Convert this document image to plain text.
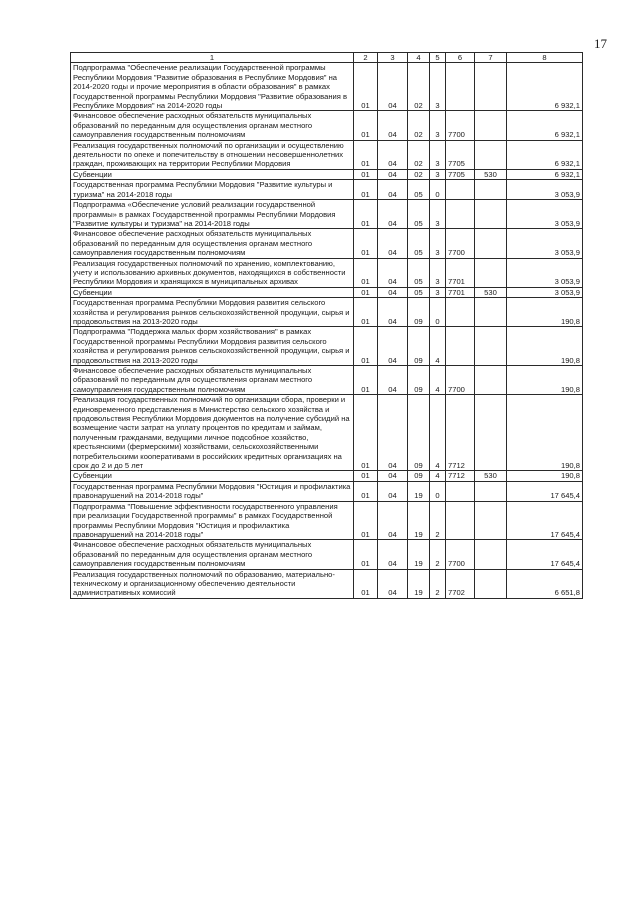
17
1	2	3	4	5	6	7	8
Подпрограмма "Обеспечение реализации Государственной программы Республики Мордовия "Развитие образования в Республике Мордовия" на 2014-2020 годы и прочие мероприятия в области образования" в рамках Государственной программы Республики Мордовия "Развитие образования в Республике Мордовия" на 2014-2020 годы	01	04	02	3			6 932,1
Финансовое обеспечение расходных обязательств муниципальных образований по переданным для осуществления органам местного самоуправления государственным полномочиям	01	04	02	3	7700		6 932,1
Реализация государственных полномочий по организации и осуществлению деятельности по опеке и попечительству в отношении несовершеннолетних граждан, проживающих на территории Республики Мордовия	01	04	02	3	7705		6 932,1
Субвенции	01	04	02	3	7705	530	6 932,1
Государственная программа Республики Мордовия "Развитие культуры и туризма" на 2014-2018 годы	01	04	05	0			3 053,9
Подпрограмма «Обеспечение условий реализации государственной программы» в рамках Государственной программы Республики Мордовия "Развитие культуры и туризма" на 2014-2018 годы	01	04	05	3			3 053,9
Финансовое обеспечение расходных обязательств муниципальных образований по переданным для осуществления органам местного самоуправления государственным полномочиям	01	04	05	3	7700		3 053,9
Реализация государственных полномочий по хранению, комплектованию, учету и использованию архивных документов, находящихся в собственности Республики Мордовия и хранящихся в муниципальных архивах	01	04	05	3	7701		3 053,9
Субвенции	01	04	05	3	7701	530	3 053,9
Государственная программа Республики Мордовия развития сельского хозяйства и регулирования рынков сельскохозяйственной продукции, сырья и продовольствия на 2013-2020 годы	01	04	09	0			190,8
Подпрограмма "Поддержка малых форм хозяйствования" в рамках Государственной программы Республики Мордовия развития сельского хозяйства и регулирования рынков сельскохозяйственной продукции, сырья и продовольствия на 2013-2020 годы	01	04	09	4			190,8
Финансовое обеспечение расходных обязательств муниципальных образований по переданным для осуществления органам местного самоуправления государственным полномочиям	01	04	09	4	7700		190,8
Реализация государственных полномочий по организации сбора, проверки и единовременного представления в Министерство сельского хозяйства и продовольствия Республики Мордовия документов на получение субсидий на возмещение части затрат на уплату процентов по кредитам и займам, полученным гражданами, ведущими личное подсобное хозяйство, крестьянскими (фермерскими) хозяйствами, сельскохозяйственными потребительскими кооперативами в российских кредитных организациях на срок до 2 и до 5 лет	01	04	09	4	7712		190,8
Субвенции	01	04	09	4	7712	530	190,8
Государственная программа Республики Мордовия "Юстиция и профилактика правонарушений на 2014-2018 годы"	01	04	19	0			17 645,4
Подпрограмма "Повышение эффективности государственного управления при реализации Государственной программы" в рамках Государственной программы Республики Мордовия "Юстиция и профилактика правонарушений на 2014-2018 годы"	01	04	19	2			17 645,4
Финансовое обеспечение расходных обязательств муниципальных образований по переданным для осуществления органам местного самоуправления государственным полномочиям	01	04	19	2	7700		17 645,4
Реализация государственных полномочий по образованию, материально-техническому и организационному обеспечению деятельности административных комиссий	01	04	19	2	7702		6 651,8
